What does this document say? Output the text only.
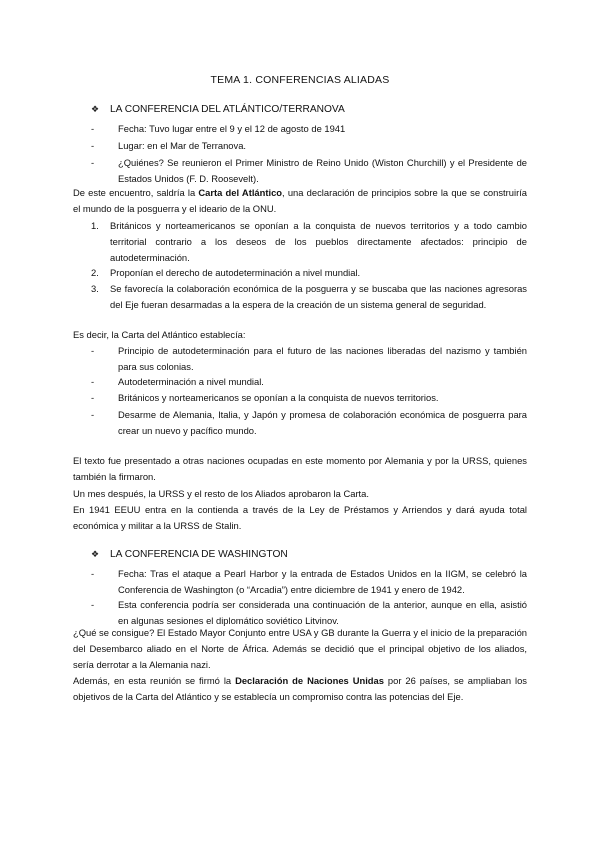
TEMA 1. CONFERENCIAS ALIADAS
❖	LA CONFERENCIA DEL ATLÁNTICO/TERRANOVA
-	Fecha: Tuvo lugar entre el 9 y el 12 de agosto de 1941
-	Lugar: en el Mar de Terranova.
-	¿Quiénes? Se reunieron el Primer Ministro de Reino Unido (Wiston Churchill) y el Presidente de Estados Unidos (F. D. Roosevelt).
De este encuentro, saldría la Carta del Atlántico, una declaración de principios sobre la que se construiría el mundo de la posguerra y el ideario de la ONU.
1. Británicos y norteamericanos se oponían a la conquista de nuevos territorios y a todo cambio territorial contrario a los deseos de los pueblos directamente afectados: principio de autodeterminación.
2. Proponían el derecho de autodeterminación a nivel mundial.
3. Se favorecía la colaboración económica de la posguerra y se buscaba que las naciones agresoras del Eje fueran desarmadas a la espera de la creación de un sistema general de seguridad.
Es decir, la Carta del Atlántico establecía:
-	Principio de autodeterminación para el futuro de las naciones liberadas del nazismo y también para sus colonias.
-	Autodeterminación a nivel mundial.
-	Británicos y norteamericanos se oponían a la conquista de nuevos territorios.
-	Desarme de Alemania, Italia, y Japón y promesa de colaboración económica de posguerra para crear un nuevo y pacífico mundo.
El texto fue presentado a otras naciones ocupadas en este momento por Alemania y por la URSS, quienes también la firmaron.
Un mes después, la URSS y el resto de los Aliados aprobaron la Carta.
En 1941 EEUU entra en la contienda a través de la Ley de Préstamos y Arriendos y dará ayuda total económica y militar a la URSS de Stalin.
❖	LA CONFERENCIA DE WASHINGTON
-	Fecha: Tras el ataque a Pearl Harbor y la entrada de Estados Unidos en la IIGM, se celebró la Conferencia de Washington (o “Arcadia”) entre diciembre de 1941 y enero de 1942.
-	Esta conferencia podría ser considerada una continuación de la anterior, aunque en ella, asistió en algunas sesiones el diplomático soviético Litvinov.
¿Qué se consigue? El Estado Mayor Conjunto entre USA y GB durante la Guerra y el inicio de la preparación del Desembarco aliado en el Norte de África. Además se decidió que el principal objetivo de los aliados, sería derrotar a la Alemania nazi.
Además, en esta reunión se firmó la Declaración de Naciones Unidas por 26 países, se ampliaban los objetivos de la Carta del Atlántico y se establecía un compromiso contra las potencias del Eje.
